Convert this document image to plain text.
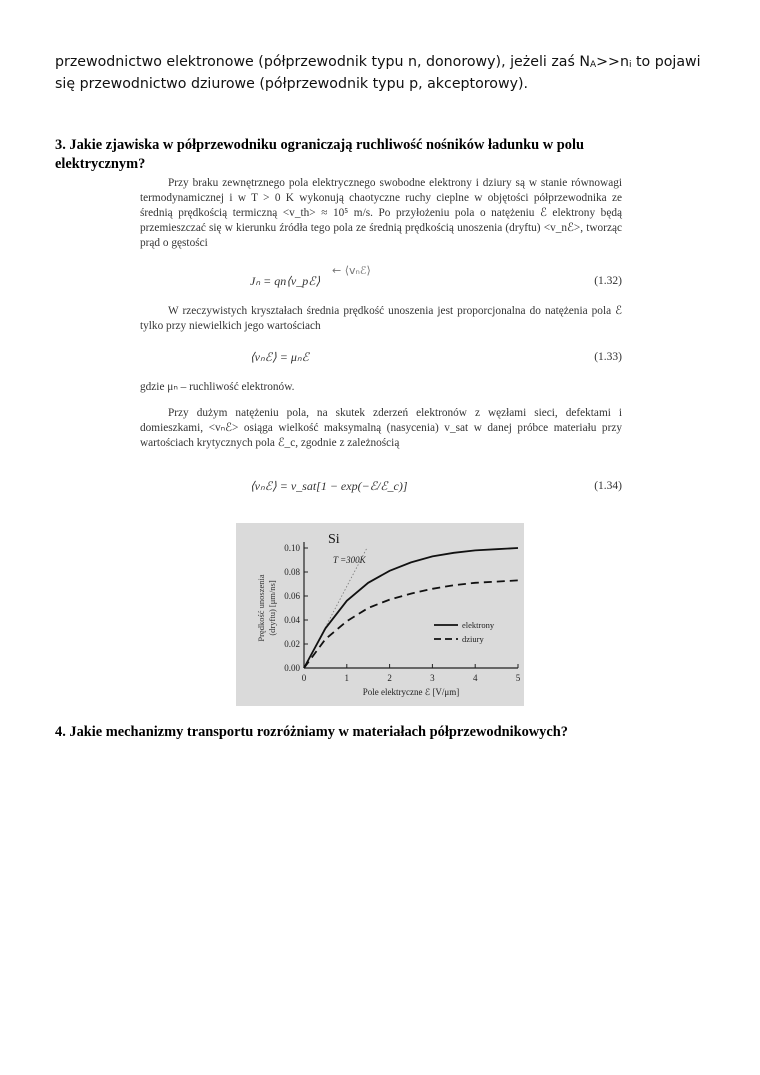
przewodnictwo elektronowe (półprzewodnik typu n, donorowy), jeżeli zaś NA>>ni to pojawi

się przewodnictwo dziurowe (półprzewodnik typu p, akceptorowy).

3. Jakie zjawiska w półprzewodniku ograniczają ruchliwość nośników ładunku w polu elektrycznym?

Przy braku zewnętrznego pola elektrycznego swobodne elektrony i dziury są w stanie równowagi termodynamicznej i w T > 0 K wykonują chaotyczne ruchy cieplne w objętości półprzewodnika ze średnią prędkością termiczną <v_th> ≈ 10⁵ m/s. Po przyłożeniu pola o natężeniu ℰ elektrony będą przemieszczać się w kierunku źródła tego pola ze średnią prędkością unoszenia (dryftu) <v_nℰ>, tworząc prąd o gęstości

Jₙ = qn⟨v_pℰ⟩
← ⟨vₙℰ⟩
(1.32)

W rzeczywistych kryształach średnia prędkość unoszenia jest proporcjonalna do natężenia pola ℰ tylko przy niewielkich jego wartościach

⟨vₙℰ⟩ = μₙℰ	(1.33)

gdzie μₙ – ruchliwość elektronów.

Przy dużym natężeniu pola, na skutek zderzeń elektronów z węzłami sieci, defektami i domieszkami, <vₙℰ> osiąga wielkość maksymalną (nasycenia) v_sat w danej próbce materiału przy wartościach krytycznych pola ℰ_c, zgodnie z zależnością

⟨vₙℰ⟩ = v_sat[1 − exp(−ℰ/ℰ_c)]	(1.34)
0	1	2	3	4	5
0.00
0.02
0.04
0.06
0.08
0.10
Si
T =300K
elektrony
dziury
Pole elektryczne ℰ [V/μm]
Prędkość unoszenia(dryftu) [μm/ns]
4. Jakie mechanizmy transportu rozróżniamy w materiałach półprzewodnikowych?
